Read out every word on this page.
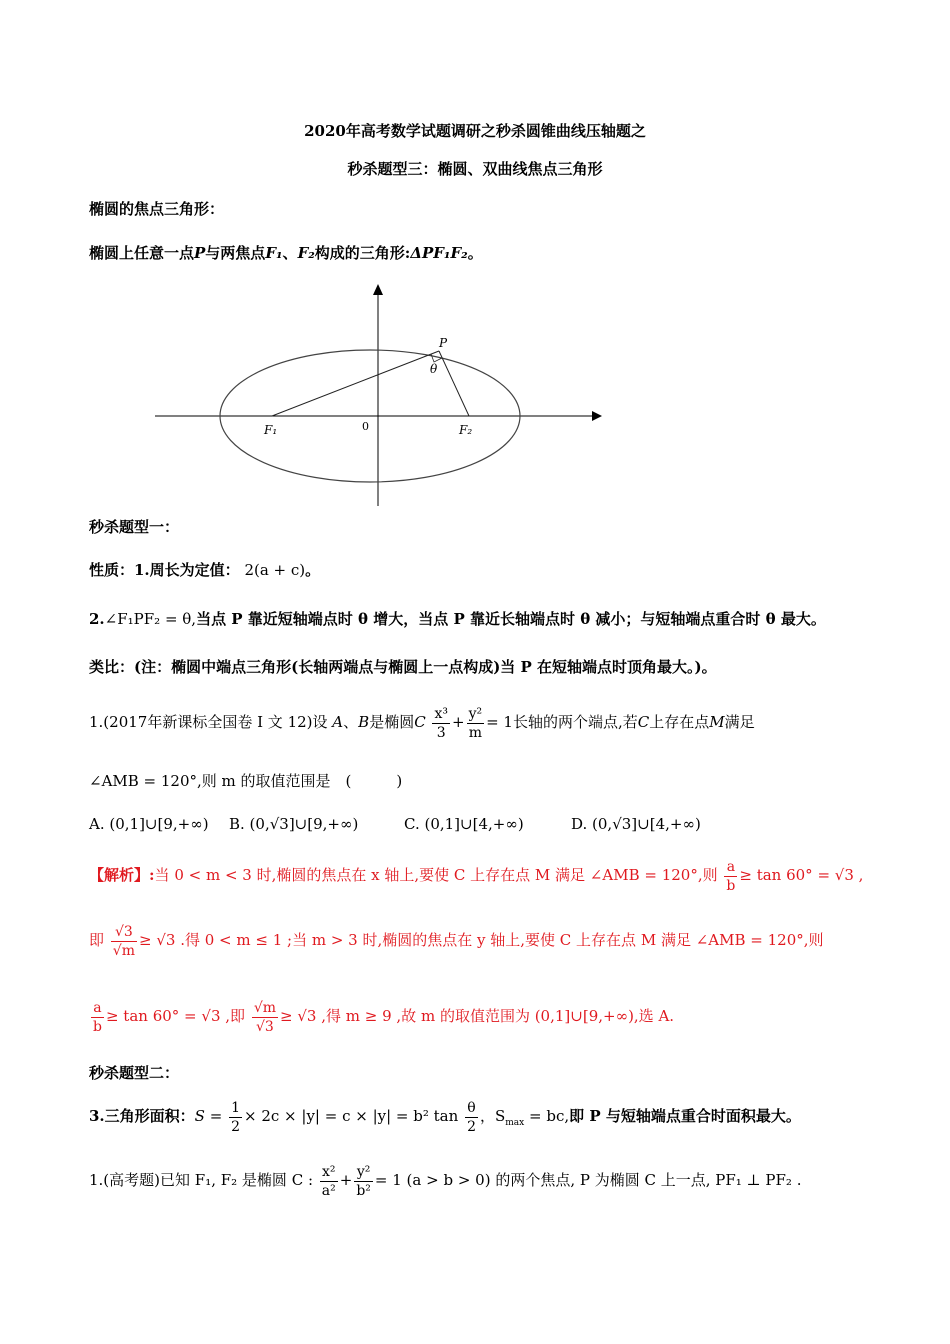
2020年高考数学试题调研之秒杀圆锥曲线压轴题之
秒杀题型三：椭圆、双曲线焦点三角形
椭圆的焦点三角形：
椭圆上任意一点P与两焦点F₁、F₂构成的三角形:ΔPF₁F₂。
P
θ
F₁	0	F₂
秒杀题型一：
性质：1.周长为定值： 2(a + c)。
2.∠F₁PF₂ = θ,当点 P 靠近短轴端点时 θ 增大，当点 P 靠近长轴端点时 θ 减小；与短轴端点重合时 θ 最大。
类比：(注：椭圆中端点三角形(长轴两端点与椭圆上一点构成)当 P 在短轴端点时顶角最大。)。
1.(2017年新课标全国卷 I 文 12)设 A、B是椭圆C $\frac{\text{x³}}{3} + \frac{\text{y²}}{m} = 1$长轴的两个端点,若C上存在点M满足
∠AMB = 120°,则 m 的取值范围是　(　　　)
A. (0,1]∪[9,+∞) B. (0,√3]∪[9,+∞)	C. (0,1]∪[4,+∞)	D. (0,√3]∪[4,+∞)
【解析】:当 0 < m < 3 时,椭圆的焦点在 x 轴上,要使 C 上存在点 M 满足 ∠AMB = 120°,则 $\frac{a}{b} \ge \tan 60^\circ = √3$ ,
即 $\frac{√3}{√m} \ge √3$ .得 0 < m ≤ 1 ;当 m > 3 时,椭圆的焦点在 y 轴上,要使 C 上存在点 M 满足 ∠AMB = 120°,则
$\frac{a}{b} \ge \tan 60^\circ = √3$ ,即 $\frac{√m}{√3} \ge √3$ ,得 m ≥ 9 ,故 m 的取值范围为 (0,1]∪[9,+∞),选 A.
秒杀题型二：
3.三角形面积：$S = \frac{1}{2} \times 2c \times |y| = c \times |y| = b^2$ $\tan \frac{\theta}{2}$ ，$S_{max}$ = bc,即 P 与短轴端点重合时面积最大。
1.(高考题)已知 F₁, F₂ 是椭圆 C : $\frac{\text{x²}}{\text{a²}} + \frac{\text{y²}}{\text{b²}} = 1$ (a > b > 0) 的两个焦点, P 为椭圆 C 上一点, PF₁ ⊥ PF₂ .
